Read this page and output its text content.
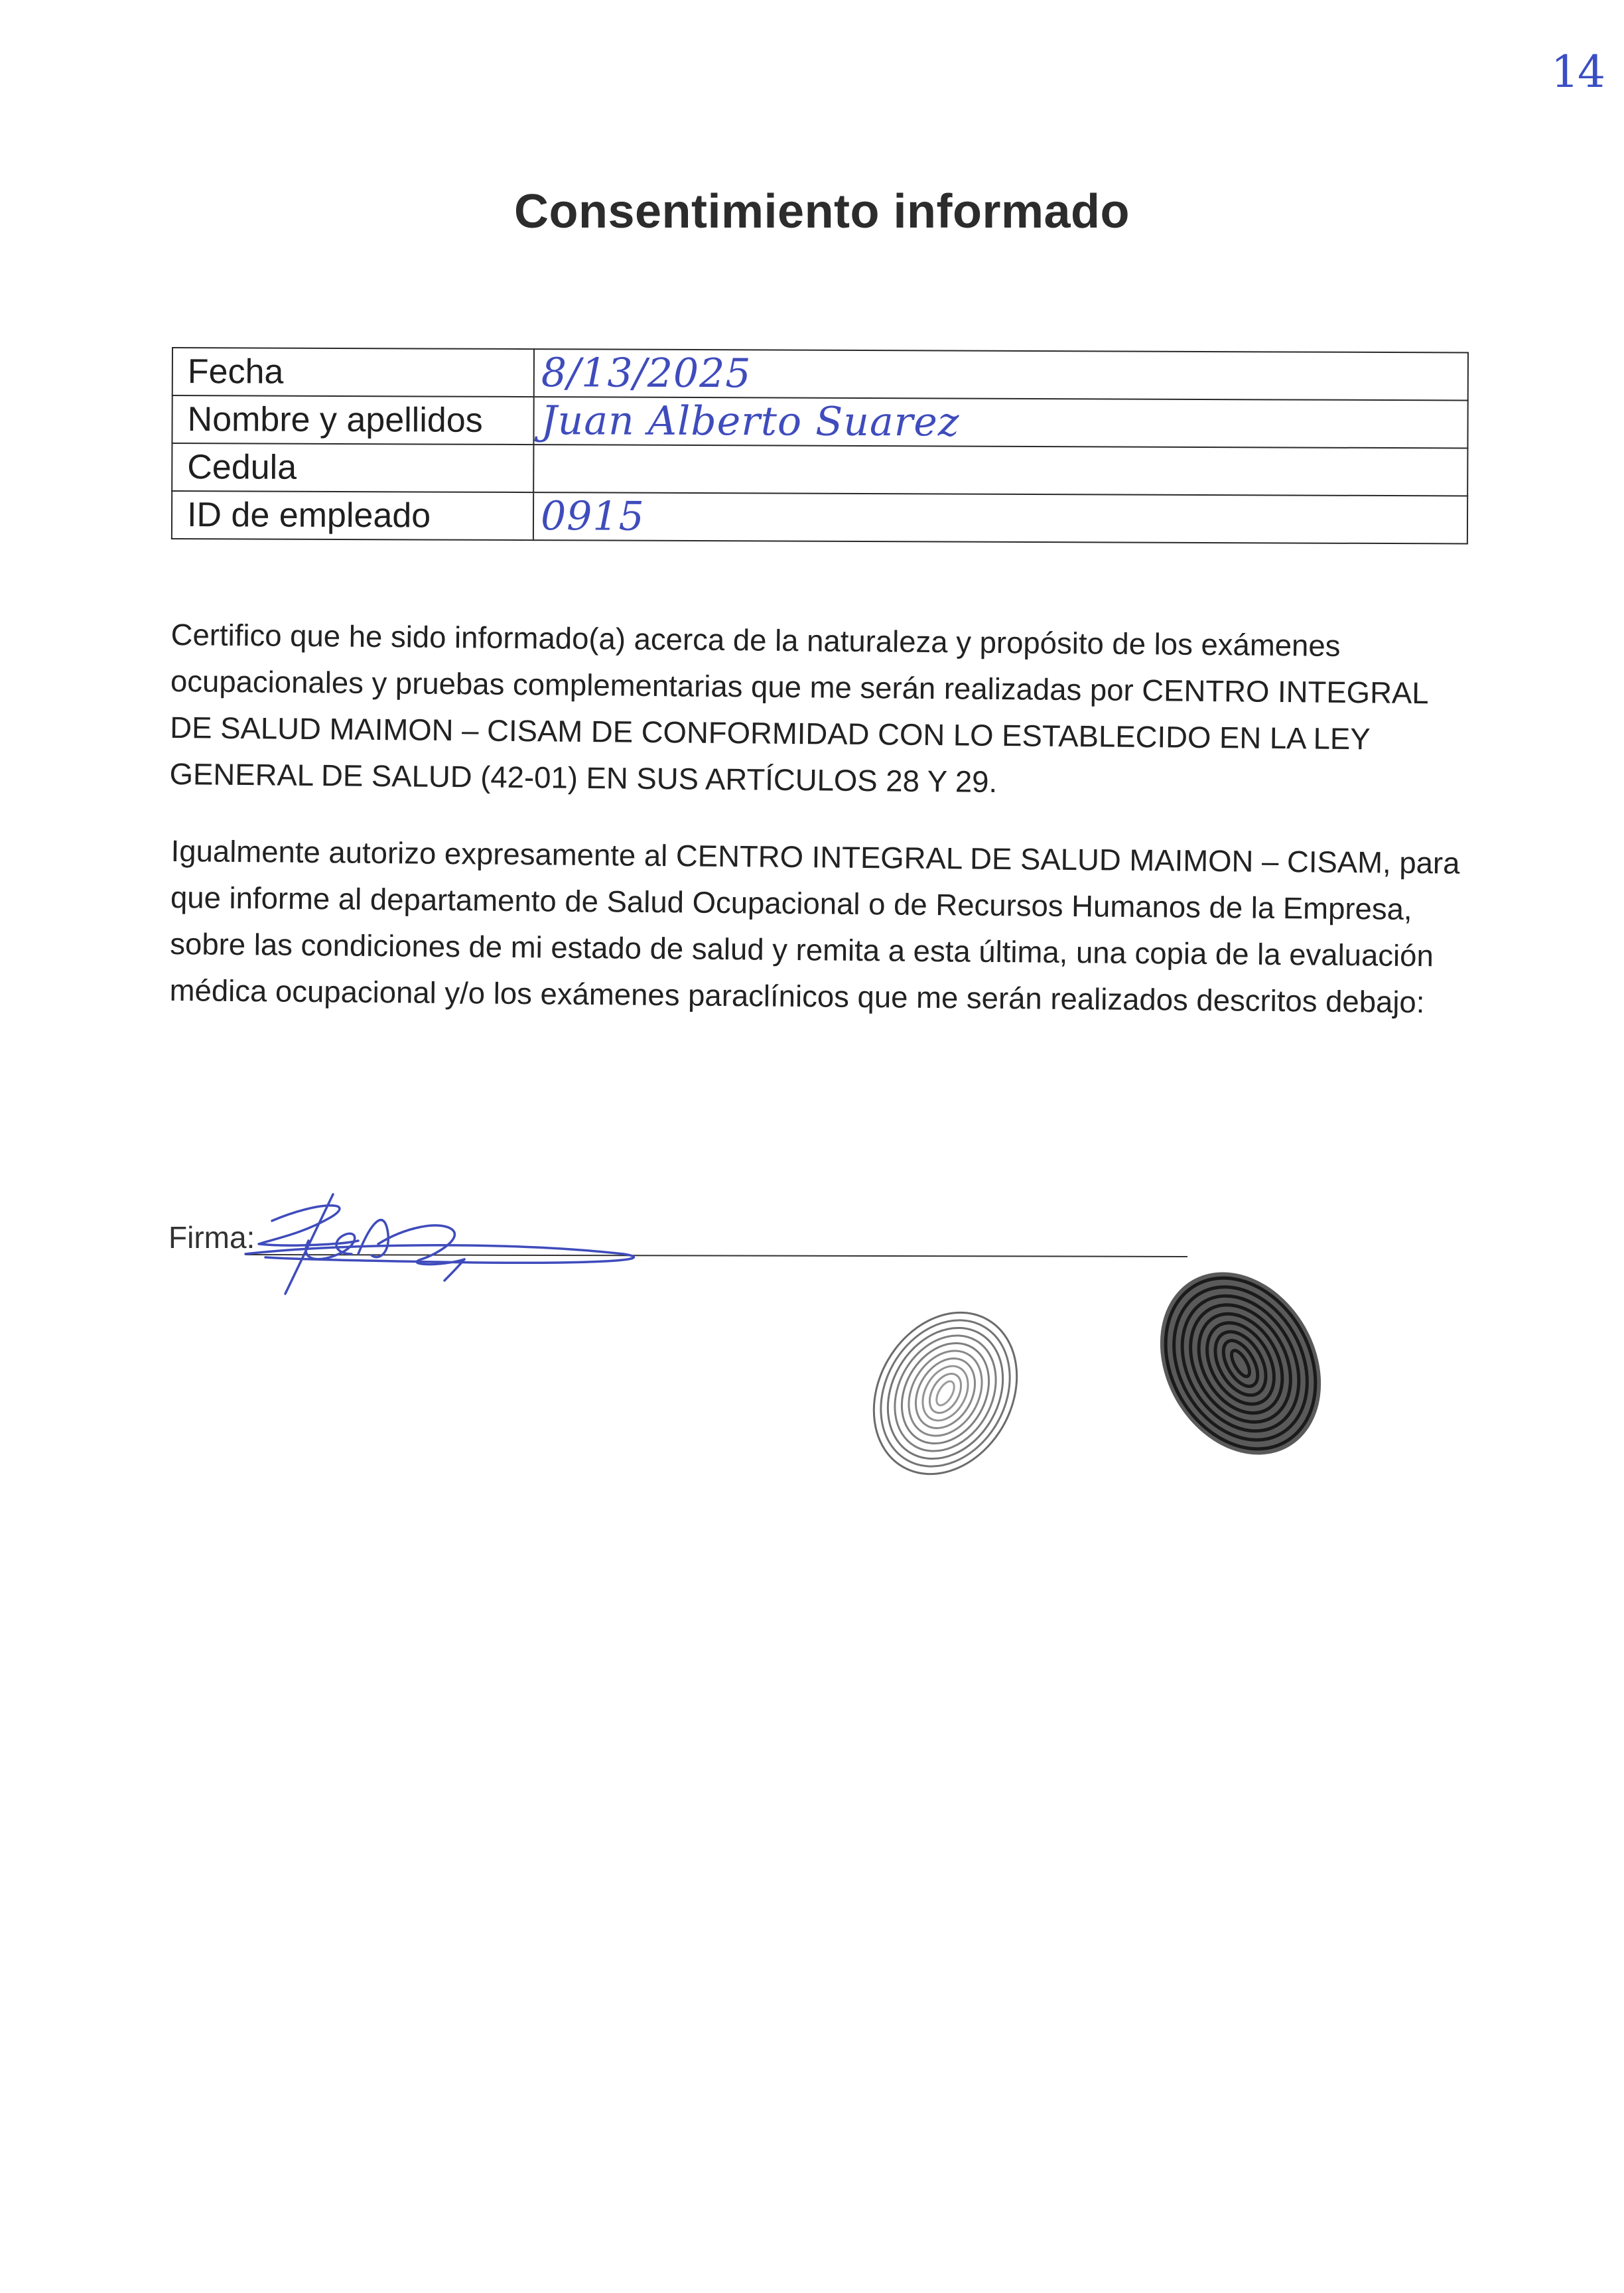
14
Consentimiento informado
Fecha	8/13/2025
Nombre y apellidos	Juan Alberto Suarez
Cedula	
ID de empleado	0915

Certifico que he sido informado(a) acerca de la naturaleza y propósito de los exámenes ocupacionales y pruebas complementarias que me serán realizadas por CENTRO INTEGRAL DE SALUD MAIMON – CISAM DE CONFORMIDAD CON LO ESTABLECIDO EN LA LEY GENERAL DE SALUD (42-01) EN SUS ARTÍCULOS 28 Y 29.

Igualmente autorizo expresamente al CENTRO INTEGRAL DE SALUD MAIMON – CISAM, para que informe al departamento de Salud Ocupacional o de Recursos Humanos de la Empresa, sobre las condiciones de mi estado de salud y remita a esta última, una copia de la evaluación médica ocupacional y/o los exámenes paraclínicos que me serán realizados descritos debajo:

Firma:
